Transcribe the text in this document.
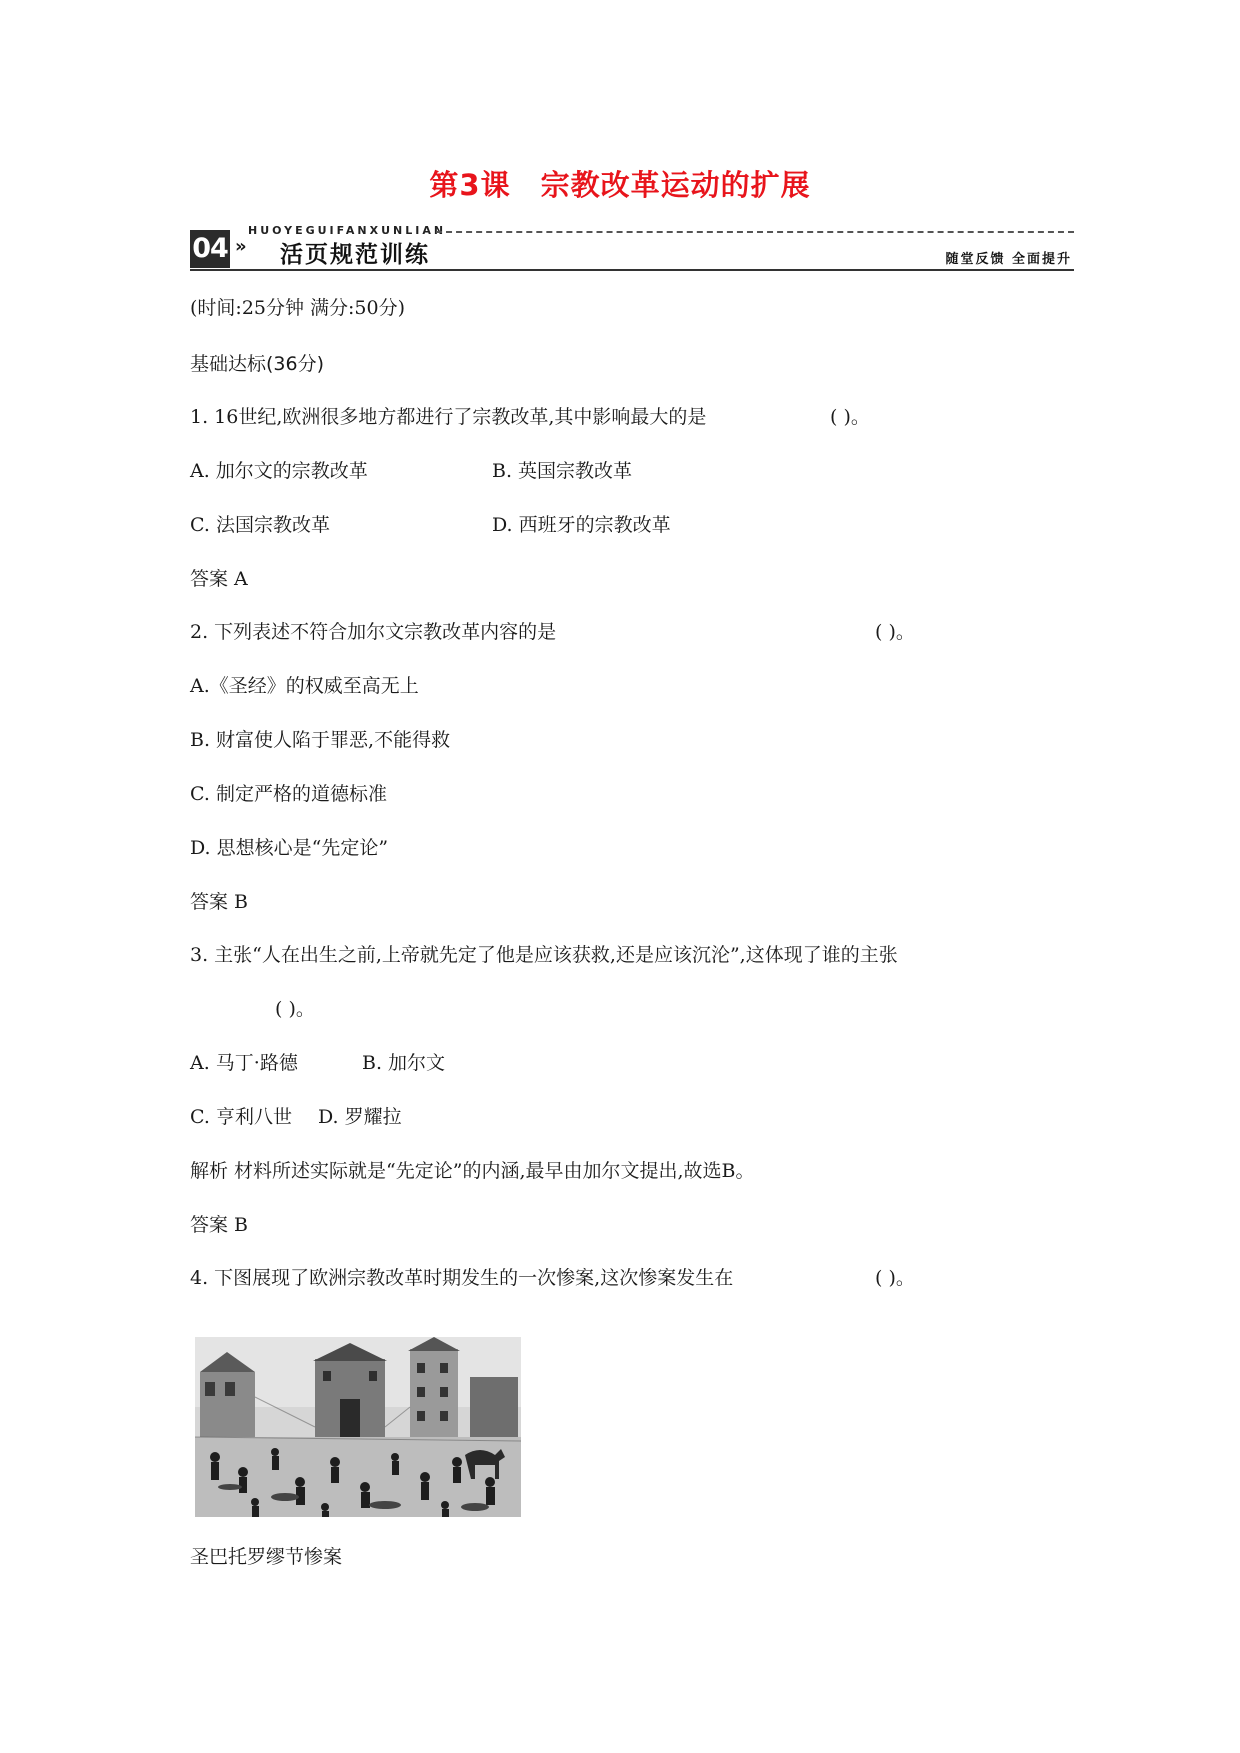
第3课 宗教改革运动的扩展
04 »
HUOYEGUIFANXUNLIAN
活页规范训练	随堂反馈 全面提升
(时间:25分钟 满分:50分)
基础达标(36分)
1. 16世纪,欧洲很多地方都进行了宗教改革,其中影响最大的是	( )。
A. 加尔文的宗教改革	B. 英国宗教改革
C. 法国宗教改革	D. 西班牙的宗教改革
答案 A
2. 下列表述不符合加尔文宗教改革内容的是	( )。
A.《圣经》的权威至高无上
B. 财富使人陷于罪恶,不能得救
C. 制定严格的道德标准
D. 思想核心是“先定论”
答案 B
3. 主张“人在出生之前,上帝就先定了他是应该获救,还是应该沉沦”,这体现了谁的主张
( )。
A. 马丁·路德	B. 加尔文
C. 亨利八世 D. 罗耀拉
解析 材料所述实际就是“先定论”的内涵,最早由加尔文提出,故选B。
答案 B
4. 下图展现了欧洲宗教改革时期发生的一次惨案,这次惨案发生在	( )。
圣巴托罗缪节惨案
